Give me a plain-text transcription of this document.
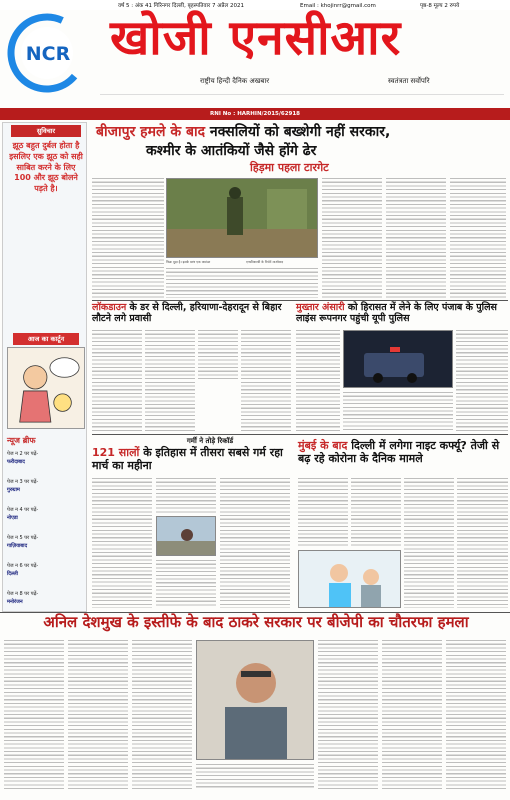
वर्ष 5 : अंक 41 गिरिनगर दिल्ली, बृहस्पतिवार 7 अप्रैल 2021	Email : khojinrr@gmail.com	पृष्ठ-8 मूल्य 2 रुपये
NCR खोजी एनसीआर
राष्ट्रीय हिन्दी दैनिक अखबार	स्वतंत्रता सर्वोपरि
RNI No : HARHIN/2015/62918
सुविचार
झूठ बहुत दुर्बल होता है इसलिए एक झूठ को सही साबित करने के लिए 100 और झूठ बोलने पड़ते है।
आज का कार्टून
न्यूज ब्रीफ
पेज न 2 पर पढ़ें-
फरीदाबाद
पेज न 3 पर पढ़ें-
गुरुग्राम
पेज न 4 पर पढ़ें-
नोएडा
पेज न 5 पर पढ़ें-
गाज़ियाबाद
पेज न 6 पर पढ़ें-
दिल्ली
पेज न 8 पर पढ़ें-
मनोरंजन
बीजापुर हमले के बाद नक्सलियों को बख्शेगी नहीं सरकार,
कश्मीर के आतंकियों जैसे होंगे ढेर
हिड़मा पहला टारगेट
फिक्र मुद्रा है। इसके साथ एक कमांडर	एनसीआरबी के रिपोर्ट माओवाद
लॉकडाउन के डर से दिल्ली, हरियाणा-देहरादून से बिहार लौटने लगे प्रवासी
मुख्तार अंसारी को हिरासत में लेने के लिए पंजाब के पुलिस लाइंस रूपनगर पहुंची यूपी पुलिस
गर्मी ने तोड़े रिकॉर्ड
121 सालों के इतिहास में तीसरा सबसे गर्म रहा मार्च का महीना
मुंबई के बाद दिल्ली में लगेगा नाइट कर्फ्यू? तेजी से बढ़ रहे कोरोना के दैनिक मामले
अनिल देशमुख के इस्तीफे के बाद ठाकरे सरकार पर बीजेपी का चौतरफा हमला
